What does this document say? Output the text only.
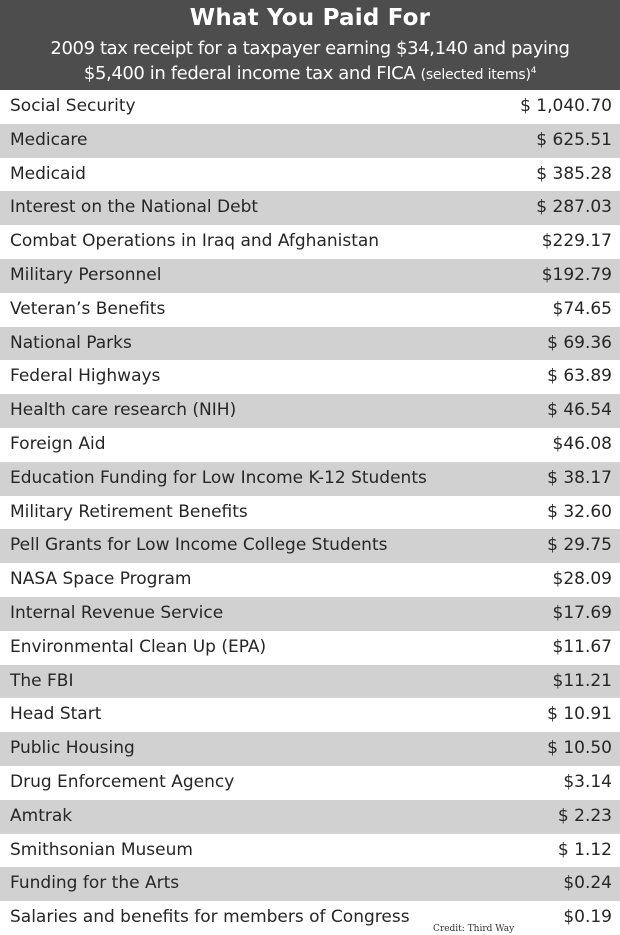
What You Paid For
2009 tax receipt for a taxpayer earning $34,140 and paying
$5,400 in federal income tax and FICA (selected items)$^4$
Social Security	$ 1,040.70
Medicare	$ 625.51
Medicaid	$ 385.28
Interest on the National Debt	$ 287.03
Combat Operations in Iraq and Afghanistan	$229.17
Military Personnel	$192.79
Veteran’s Benefits	$74.65
National Parks	$ 69.36
Federal Highways	$ 63.89
Health care research (NIH)	$ 46.54
Foreign Aid	$46.08
Education Funding for Low Income K-12 Students	$ 38.17
Military Retirement Benefits	$ 32.60
Pell Grants for Low Income College Students	$ 29.75
NASA Space Program	$28.09
Internal Revenue Service	$17.69
Environmental Clean Up (EPA)	$11.67
The FBI	$11.21
Head Start	$ 10.91
Public Housing	$ 10.50
Drug Enforcement Agency	$3.14
Amtrak	$ 2.23
Smithsonian Museum	$ 1.12
Funding for the Arts	$0.24
Salaries and benefits for members of Congress	$0.19
Credit: Third Way
